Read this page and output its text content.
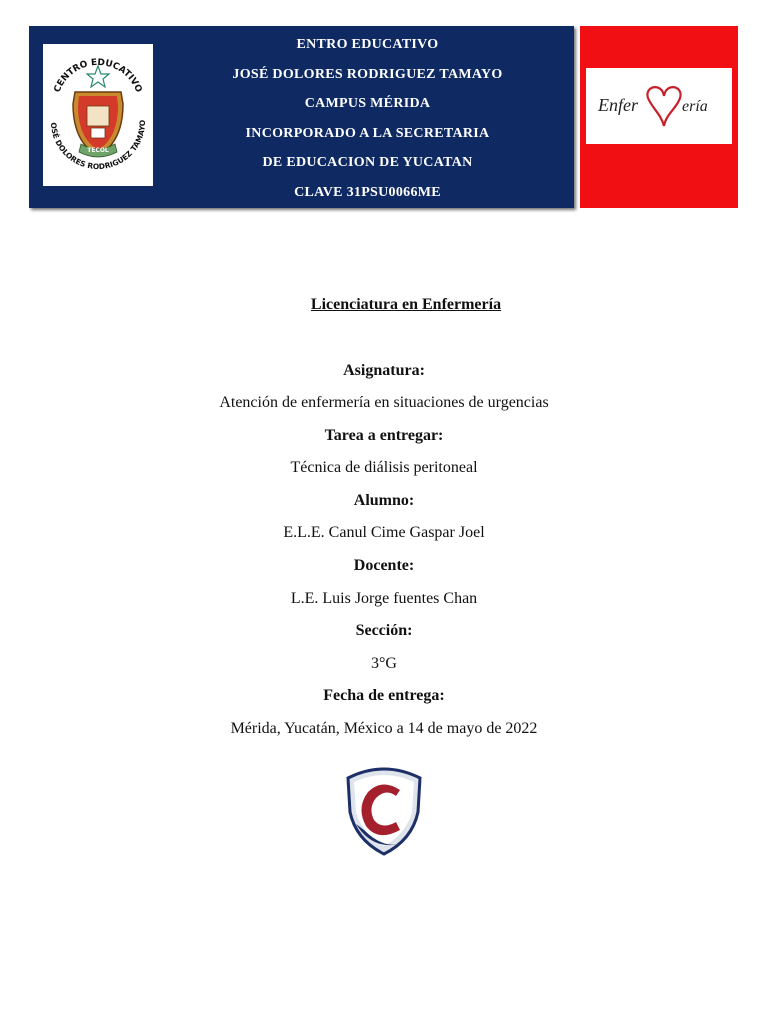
CENTRO EDUCATIVO
OSÉ DOLORES RODRIGUEZ TAMAYO
TECOL
ENTRO EDUCATIVO
JOSÉ DOLORES RODRIGUEZ TAMAYO
CAMPUS MÉRIDA
INCORPORADO A LA SECRETARIA
DE EDUCACION DE YUCATAN
CLAVE 31PSU0066ME
Enfer	ería
Licenciatura en Enfermería
Asignatura:
Atención de enfermería en situaciones de urgencias
Tarea a entregar:
Técnica de diálisis peritoneal
Alumno:
E.L.E. Canul Cime Gaspar Joel
Docente:
L.E. Luis Jorge fuentes Chan
Sección:
3°G
Fecha de entrega:
Mérida, Yucatán, México a 14 de mayo de 2022
